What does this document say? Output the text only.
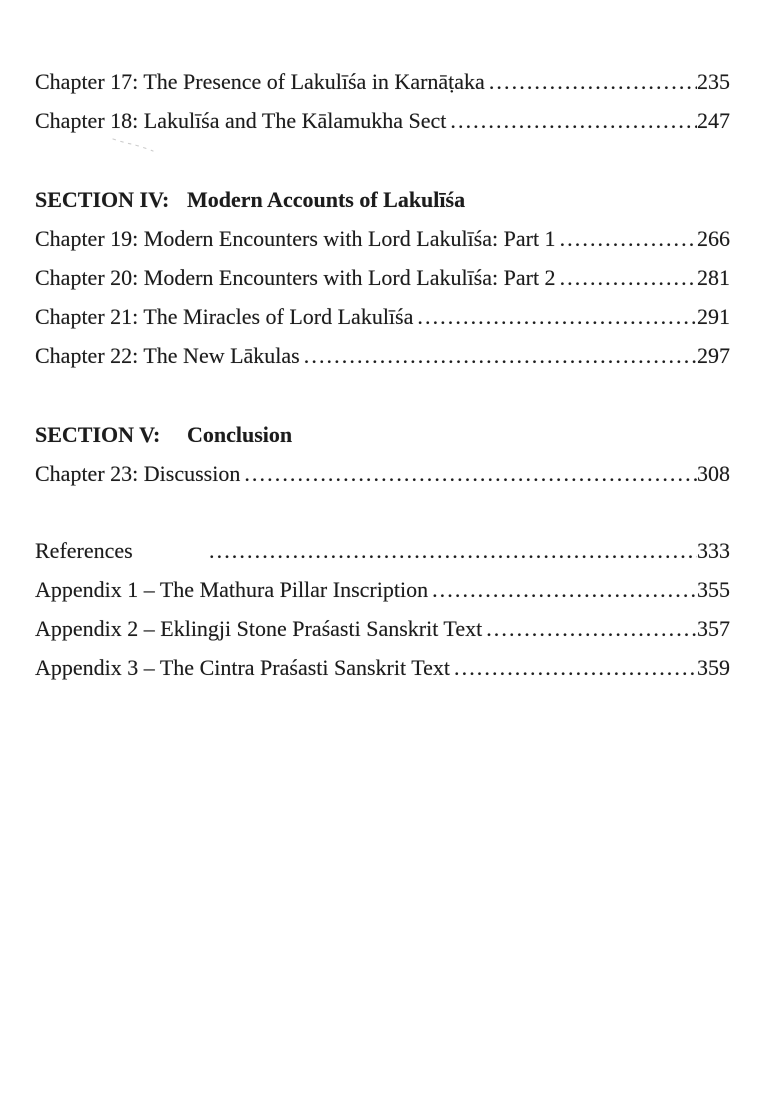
Chapter 17: The Presence of Lakulīśa in Karnāṭaka .....	235
Chapter 18: Lakulīśa and The Kālamukha Sect .....	247
SECTION IV: Modern Accounts of Lakulīśa
Chapter 19: Modern Encounters with Lord Lakulīśa: Part 1 .....	266
Chapter 20: Modern Encounters with Lord Lakulīśa: Part 2 .....	281
Chapter 21: The Miracles of Lord Lakulīśa .....	291
Chapter 22: The New Lākulas .....	297
SECTION V: Conclusion
Chapter 23: Discussion .....	308
References .....	333
Appendix 1 – The Mathura Pillar Inscription .....	355
Appendix 2 – Eklingji Stone Praśasti Sanskrit Text .....	357
Appendix 3 – The Cintra Praśasti Sanskrit Text .....	359
